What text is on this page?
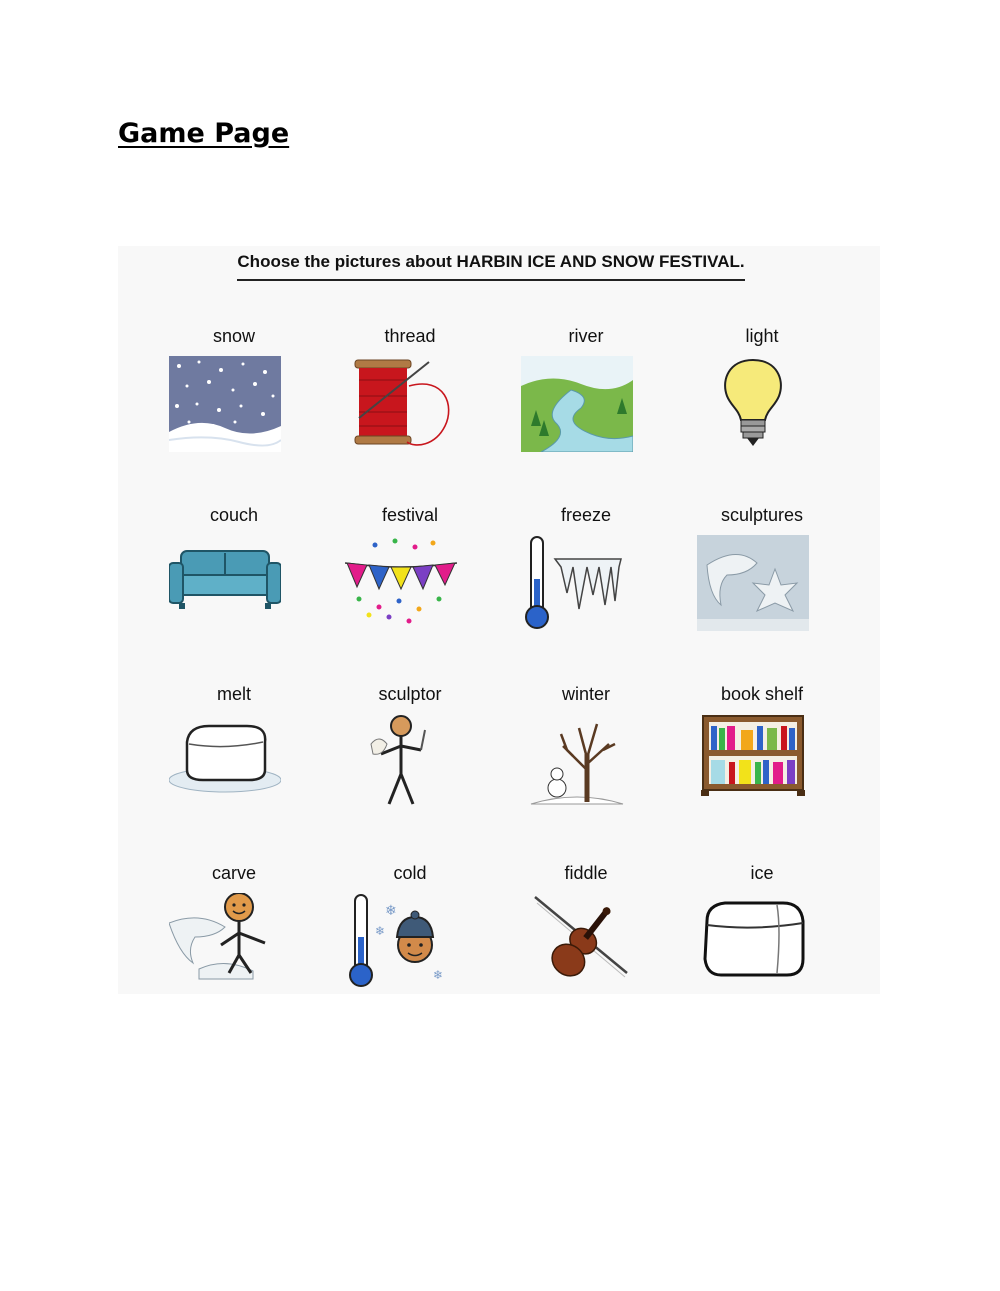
Game Page
Choose the pictures about HARBIN ICE AND SNOW FESTIVAL.
snow	thread	river	light
couch	festival	freeze	sculptures
melt	sculptor	winter	book shelf
carve	cold
❄
❄
❄
fiddle	ice
